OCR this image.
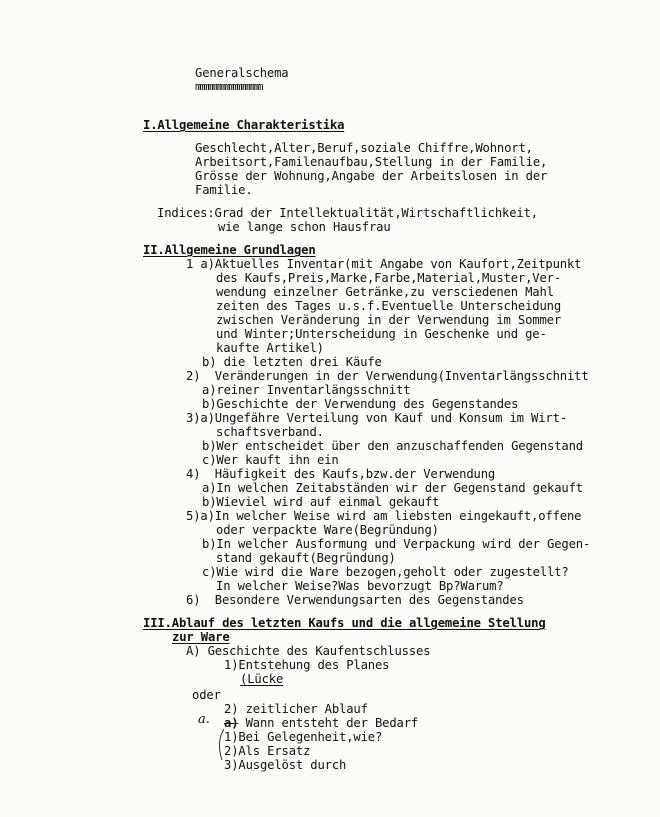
Generalschema
mmmmmmmmmmmmmmmm
I.Allgemeine Charakteristika
Geschlecht,Alter,Beruf,soziale Chiffre,Wohnort,
Arbeitsort,Familenaufbau,Stellung in der Familie,
Grösse der Wohnung,Angabe der Arbeitslosen in der
Familie.
Indices:Grad der Intellektualität,Wirtschaftlichkeit,
wie lange schon Hausfrau
II.Allgemeine Grundlagen
1 a)Aktuelles Inventar(mit Angabe von Kaufort,Zeitpunkt
des Kaufs,Preis,Marke,Farbe,Material,Muster,Ver-
wendung einzelner Getränke,zu versciedenen Mahl
zeiten des Tages u.s.f.Eventuelle Unterscheidung
zwischen Veränderung in der Verwendung im Sommer
und Winter;Unterscheidung in Geschenke und ge-
kaufte Artikel)
b) die letzten drei Käufe
2)  Veränderungen in der Verwendung(Inventarlängsschnitt
a)reiner Inventarlängsschnitt
b)Geschichte der Verwendung des Gegenstandes
3)a)Ungefähre Verteilung von Kauf und Konsum im Wirt-
schaftsverband.
b)Wer entscheidet über den anzuschaffenden Gegenstand
c)Wer kauft ihn ein
4)  Häufigkeit des Kaufs,bzw.der Verwendung
a)In welchen Zeitabständen wir der Gegenstand gekauft
b)Wieviel wird auf einmal gekauft
5)a)In welcher Weise wird am liebsten eingekauft,offene
oder verpackte Ware(Begründung)
b)In welcher Ausformung und Verpackung wird der Gegen-
stand gekauft(Begründung)
c)Wie wird die Ware bezogen,geholt oder zugestellt?
In welcher Weise?Was bevorzugt Bp?Warum?
6)  Besondere Verwendungsarten des Gegenstandes
III.Ablauf des letzten Kaufs und die allgemeine Stellung
zur Ware
A) Geschichte des Kaufentschlusses
1)Entstehung des Planes
(Lücke
oder
2) zeitlicher Ablauf
a) Wann entsteht der Bedarf
a.
1)Bei Gelegenheit,wie?
2)Als Ersatz
3)Ausgelöst durch
